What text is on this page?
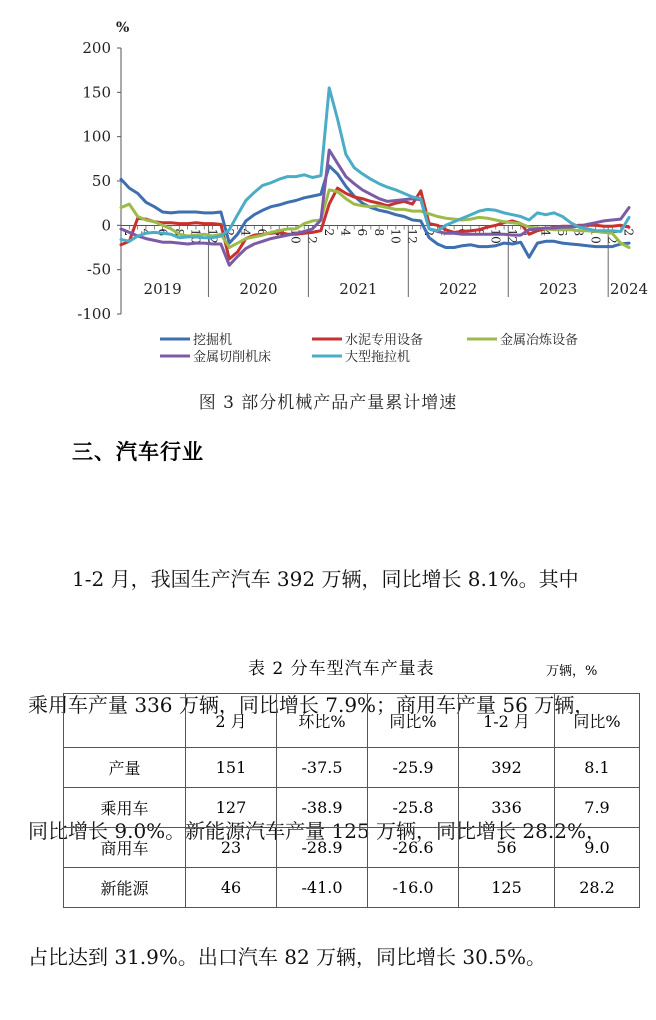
200
150
100
50
0
-50
-100
%
2 4 6 8 10 12 2 4 6 8 10 12 2 4 6 8 10 12 2 4 6 8 10 12 2 4 6 8 10 12 2
2019	2020	2021	2022	2023 2024
挖掘机	水泥专用设备	金属冶炼设备
金属切削机床	大型拖拉机
图 3 部分机械产品产量累计增速
三、汽车行业

1-2 月，我国生产汽车 392 万辆，同比增长 8.1%。其中

乘用车产量 336 万辆，同比增长 7.9%；商用车产量 56 万辆，

同比增长 9.0%。新能源汽车产量 125 万辆，同比增长 28.2%，

占比达到 31.9%。出口汽车 82 万辆，同比增长 30.5%。

表 2 分车型汽车产量表	万辆，%
	2 月	环比%	同比%	1-2 月	同比%
产量	151	-37.5	-25.9	392	8.1
乘用车	127	-38.9	-25.8	336	7.9
商用车	23	-28.9	-26.6	56	9.0
新能源	46	-41.0	-16.0	125	28.2
